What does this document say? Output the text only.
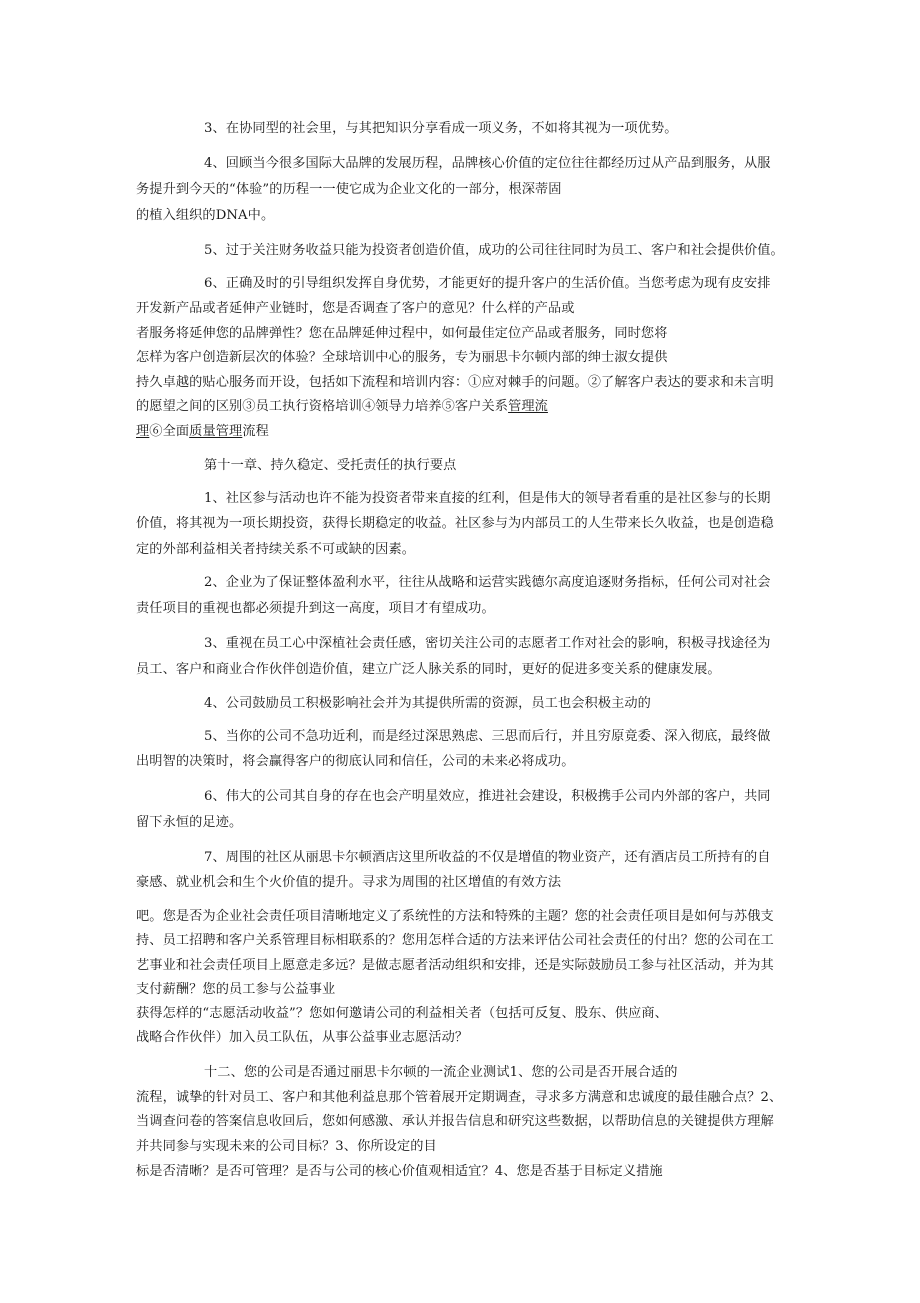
3、在协同型的社会里，与其把知识分享看成一项义务，不如将其视为一项优势。
4、回顾当今很多国际大品牌的发展历程，品牌核心价值的定位往往都经历过从产品到服务，从服
务提升到今天的“体验”的历程一一使它成为企业文化的一部分，根深蒂固
的植入组织的DNA中。
5、过于关注财务收益只能为投资者创造价值，成功的公司往往同时为员工、客户和社会提供价值。
6、正确及时的引导组织发挥自身优势，才能更好的提升客户的生活价值。当您考虑为现有皮安排
开发新产品或者延伸产业链时，您是否调查了客户的意见？什么样的产品或
者服务将延伸您的品牌弹性？您在品牌延伸过程中，如何最佳定位产品或者服务，同时您将
怎样为客户创造新层次的体验？全球培训中心的服务，专为丽思卡尔顿内部的绅士淑女提供
持久卓越的贴心服务而开设，包括如下流程和培训内容：①应对棘手的问题。②了解客户表达的要求和未言明
的愿望之间的区别③员工执行资格培训④领导力培养⑤客户关系管理流
理⑥全面质量管理流程
第十一章、持久稳定、受托责任的执行要点
1、社区参与活动也许不能为投资者带来直接的红利，但是伟大的领导者看重的是社区参与的长期
价值，将其视为一项长期投资，获得长期稳定的收益。社区参与为内部员工的人生带来长久收益，也是创造稳
定的外部利益相关者持续关系不可或缺的因素。
2、企业为了保证整体盈利水平，往往从战略和运营实践德尔高度追逐财务指标，任何公司对社会
责任项目的重视也都必须提升到这一高度，项目才有望成功。
3、重视在员工心中深植社会责任感，密切关注公司的志愿者工作对社会的影响，积极寻找途径为
员工、客户和商业合作伙伴创造价值，建立广泛人脉关系的同时，更好的促进多变关系的健康发展。
4、公司鼓励员工积极影响社会并为其提供所需的资源，员工也会积极主动的
5、当你的公司不急功近利，而是经过深思熟虑、三思而后行，并且穷原竟委、深入彻底，最终做
出明智的决策时，将会赢得客户的彻底认同和信任，公司的未来必将成功。
6、伟大的公司其自身的存在也会产明星效应，推进社会建设，积极携手公司内外部的客户，共同
留下永恒的足迹。
7、周围的社区从丽思卡尔顿酒店这里所收益的不仅是增值的物业资产，还有酒店员工所持有的自
豪感、就业机会和生个火价值的提升。寻求为周围的社区增值的有效方法
吧。您是否为企业社会责任项目清晰地定义了系统性的方法和特殊的主题？您的社会责任项目是如何与苏俄支
持、员工招聘和客户关系管理目标相联系的？您用怎样合适的方法来评估公司社会责任的付出？您的公司在工
艺事业和社会责任项目上愿意走多远？是做志愿者活动组织和安排，还是实际鼓励员工参与社区活动，并为其
支付薪酬？您的员工参与公益事业
获得怎样的“志愿活动收益”？您如何邀请公司的利益相关者（包括可反复、股东、供应商、
战略合作伙伴）加入员工队伍，从事公益事业志愿活动？
十二、您的公司是否通过丽思卡尔顿的一流企业测试1、您的公司是否开展合适的
流程，诚挚的针对员工、客户和其他利益息那个管着展开定期调查，寻求多方满意和忠诚度的最佳融合点？2、
当调查问卷的答案信息收回后，您如何感激、承认并报告信息和研究这些数据，以帮助信息的关键提供方理解
并共同参与实现未来的公司目标？3、你所设定的目
标是否清晰？是否可管理？是否与公司的核心价值观相适宜？4、您是否基于目标定义措施
